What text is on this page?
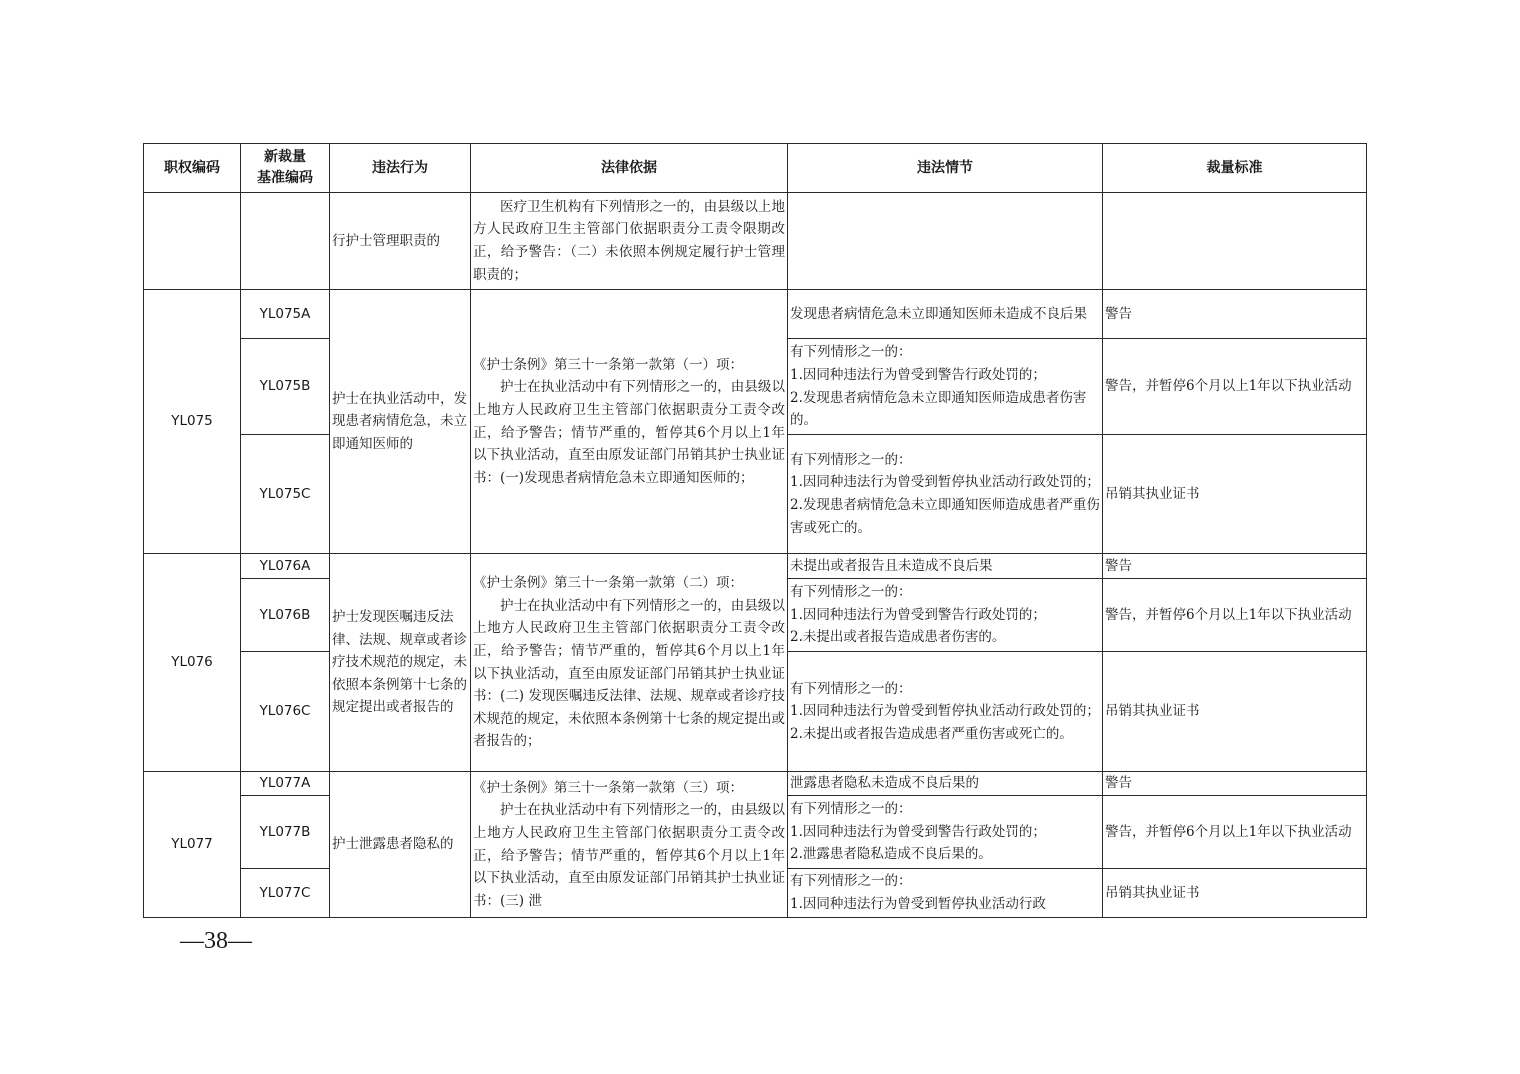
职权编码	新裁量
基准编码	违法行为	法律依据	违法情节	裁量标准
		行护士管理职责的	医疗卫生机构有下列情形之一的，由县级以上地方人民政府卫生主管部门依据职责分工责令限期改正，给予警告：（二）未依照本例规定履行护士管理职责的；		

YL075	YL075A	护士在执业活动中，发现患者病情危急，未立即通知医师的	《护士条例》第三十一条第一款第（一）项：
护士在执业活动中有下列情形之一的，由县级以上地方人民政府卫生主管部门依据职责分工责令改正，给予警告；情节严重的，暂停其6个月以上1年以下执业活动，直至由原发证部门吊销其护士执业证书：(一)发现患者病情危急未立即通知医师的；	发现患者病情危急未立即通知医师未造成不良后果	警告
	YL075B			有下列情形之一的：
1.因同种违法行为曾受到警告行政处罚的；
2.发现患者病情危急未立即通知医师造成患者伤害的。	警告，并暂停6个月以上1年以下执业活动
	YL075C			有下列情形之一的：
1.因同种违法行为曾受到暂停执业活动行政处罚的；
2.发现患者病情危急未立即通知医师造成患者严重伤害或死亡的。	吊销其执业证书
YL076	YL076A	护士发现医嘱违反法律、法规、规章或者诊疗技术规范的规定，未依照本条例第十七条的规定提出或者报告的	《护士条例》第三十一条第一款第（二）项：
护士在执业活动中有下列情形之一的，由县级以上地方人民政府卫生主管部门依据职责分工责令改正，给予警告；情节严重的，暂停其6个月以上1年以下执业活动，直至由原发证部门吊销其护士执业证书：(二) 发现医嘱违反法律、法规、规章或者诊疗技术规范的规定，未依照本条例第十七条的规定提出或者报告的；	未提出或者报告且未造成不良后果	警告
	YL076B			有下列情形之一的：
1.因同种违法行为曾受到警告行政处罚的；
2.未提出或者报告造成患者伤害的。	警告，并暂停6个月以上1年以下执业活动
	YL076C			有下列情形之一的：
1.因同种违法行为曾受到暂停执业活动行政处罚的；
2.未提出或者报告造成患者严重伤害或死亡的。	吊销其执业证书
YL077	YL077A	护士泄露患者隐私的	《护士条例》第三十一条第一款第（三）项：
护士在执业活动中有下列情形之一的，由县级以上地方人民政府卫生主管部门依据职责分工责令改正，给予警告；情节严重的，暂停其6个月以上1年以下执业活动，直至由原发证部门吊销其护士执业证书：(三) 泄	泄露患者隐私未造成不良后果的	警告
	YL077B			有下列情形之一的：
1.因同种违法行为曾受到警告行政处罚的；
2.泄露患者隐私造成不良后果的。	警告，并暂停6个月以上1年以下执业活动
	YL077C			有下列情形之一的：
1.因同种违法行为曾受到暂停执业活动行政	吊销其执业证书
—38—
